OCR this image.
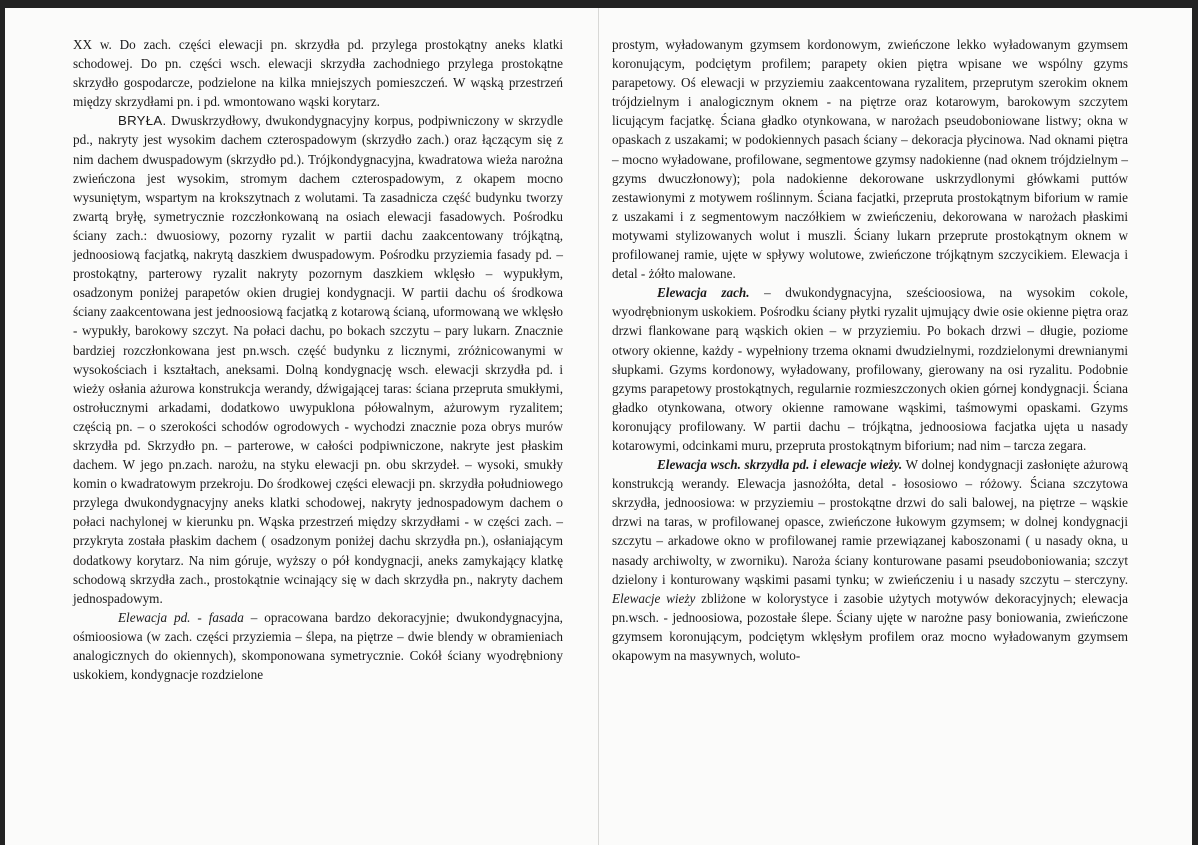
XX w. Do zach. części elewacji pn. skrzydła pd. przylega prostokątny aneks klatki schodowej. Do pn. części wsch. elewacji skrzydła zachodniego przylega prostokątne skrzydło gospodarcze, podzielone na kilka mniejszych pomieszczeń. W wąską przestrzeń między skrzydłami pn. i pd. wmontowano wąski korytarz.

BRYŁA. Dwuskrzydłowy, dwukondygnacyjny korpus, podpiwniczony w skrzydle pd., nakryty jest wysokim dachem czterospadowym (skrzydło zach.) oraz łączącym się z nim dachem dwuspadowym (skrzydło pd.). Trójkondygnacyjna, kwadratowa wieża narożna zwieńczona jest wysokim, stromym dachem czterospadowym, z okapem mocno wysuniętym, wspartym na krokszytnach z wolutami. Ta zasadnicza część budynku tworzy zwartą bryłę, symetrycznie rozczłonkowaną na osiach elewacji fasadowych. Pośrodku ściany zach.: dwuosiowy, pozorny ryzalit w partii dachu zaakcentowany trójkątną, jednoosiową facjatką, nakrytą daszkiem dwuspadowym. Pośrodku przyziemia fasady pd. – prostokątny, parterowy ryzalit nakryty pozornym daszkiem wklęsło – wypukłym, osadzonym poniżej parapetów okien drugiej kondygnacji. W partii dachu oś środkowa ściany zaakcentowana jest jednoosiową facjatką z kotarową ścianą, uformowaną we wklęsło - wypukły, barokowy szczyt. Na połaci dachu, po bokach szczytu – pary lukarn. Znacznie bardziej rozczłonkowana jest pn.wsch. część budynku z licznymi, zróżnicowanymi w wysokościach i kształtach, aneksami. Dolną kondygnację wsch. elewacji skrzydła pd. i wieży osłania ażurowa konstrukcja werandy, dźwigającej taras: ściana przepruta smukłymi, ostrołucznymi arkadami, dodatkowo uwypuklona półowalnym, ażurowym ryzalitem; częścią pn. – o szerokości schodów ogrodowych - wychodzi znacznie poza obrys murów skrzydła pd. Skrzydło pn. – parterowe, w całości podpiwniczone, nakryte jest płaskim dachem. W jego pn.zach. narożu, na styku elewacji pn. obu skrzydeł. – wysoki, smukły komin o kwadratowym przekroju. Do środkowej części elewacji pn. skrzydła południowego przylega dwukondygnacyjny aneks klatki schodowej, nakryty jednospadowym dachem o połaci nachylonej w kierunku pn. Wąska przestrzeń między skrzydłami - w części zach. – przykryta została płaskim dachem ( osadzonym poniżej dachu skrzydła pn.), osłaniającym dodatkowy korytarz. Na nim góruje, wyższy o pół kondygnacji, aneks zamykający klatkę schodową skrzydła zach., prostokątnie wcinający się w dach skrzydła pn., nakryty dachem jednospadowym.

Elewacja pd. - fasada – opracowana bardzo dekoracyjnie; dwukondygnacyjna, ośmioosiowa (w zach. części przyziemia – ślepa, na piętrze – dwie blendy w obramieniach analogicznych do okiennych), skomponowana symetrycznie. Cokół ściany wyodrębniony uskokiem, kondygnacje rozdzielone

prostym, wyładowanym gzymsem kordonowym, zwieńczone lekko wyładowanym gzymsem koronującym, podciętym profilem; parapety okien piętra wpisane we wspólny gzyms parapetowy. Oś elewacji w przyziemiu zaakcentowana ryzalitem, przeprutym szerokim oknem trójdzielnym i analogicznym oknem - na piętrze oraz kotarowym, barokowym szczytem licującym facjatkę. Ściana gładko otynkowana, w narożach pseudoboniowane listwy; okna w opaskach z uszakami; w podokiennych pasach ściany – dekoracja płycinowa. Nad oknami piętra – mocno wyładowane, profilowane, segmentowe gzymsy nadokienne (nad oknem trójdzielnym – gzyms dwuczłonowy); pola nadokienne dekorowane uskrzydlonymi główkami puttów zestawionymi z motywem roślinnym. Ściana facjatki, przepruta prostokątnym biforium w ramie z uszakami i z segmentowym naczółkiem w zwieńczeniu, dekorowana w narożach płaskimi motywami stylizowanych wolut i muszli. Ściany lukarn przeprute prostokątnym oknem w profilowanej ramie, ujęte w spływy wolutowe, zwieńczone trójkątnym szczycikiem. Elewacja i detal - żółto malowane.

Elewacja zach. – dwukondygnacyjna, sześcioosiowa, na wysokim cokole, wyodrębnionym uskokiem. Pośrodku ściany płytki ryzalit ujmujący dwie osie okienne piętra oraz drzwi flankowane parą wąskich okien – w przyziemiu. Po bokach drzwi – długie, poziome otwory okienne, każdy - wypełniony trzema oknami dwudzielnymi, rozdzielonymi drewnianymi słupkami. Gzyms kordonowy, wyładowany, profilowany, gierowany na osi ryzalitu. Podobnie gzyms parapetowy prostokątnych, regularnie rozmieszczonych okien górnej kondygnacji. Ściana gładko otynkowana, otwory okienne ramowane wąskimi, taśmowymi opaskami. Gzyms koronujący profilowany. W partii dachu – trójkątna, jednoosiowa facjatka ujęta u nasady kotarowymi, odcinkami muru, przepruta prostokątnym biforium; nad nim – tarcza zegara.

Elewacja wsch. skrzydła pd. i elewacje wieży. W dolnej kondygnacji zasłonięte ażurową konstrukcją werandy. Elewacja jasnożółta, detal - łososiowo – różowy. Ściana szczytowa skrzydła, jednoosiowa: w przyziemiu – prostokątne drzwi do sali balowej, na piętrze – wąskie drzwi na taras, w profilowanej opasce, zwieńczone łukowym gzymsem; w dolnej kondygnacji szczytu – arkadowe okno w profilowanej ramie przewiązanej kaboszonami ( u nasady okna, u nasady archiwolty, w zworniku). Naroża ściany konturowane pasami pseudoboniowania; szczyt dzielony i konturowany wąskimi pasami tynku; w zwieńczeniu i u nasady szczytu – sterczyny. Elewacje wieży zbliżone w kolorystyce i zasobie użytych motywów dekoracyjnych; elewacja pn.wsch. - jednoosiowa, pozostałe ślepe. Ściany ujęte w narożne pasy boniowania, zwieńczone gzymsem koronującym, podciętym wklęsłym profilem oraz mocno wyładowanym gzymsem okapowym na masywnych, woluto-
